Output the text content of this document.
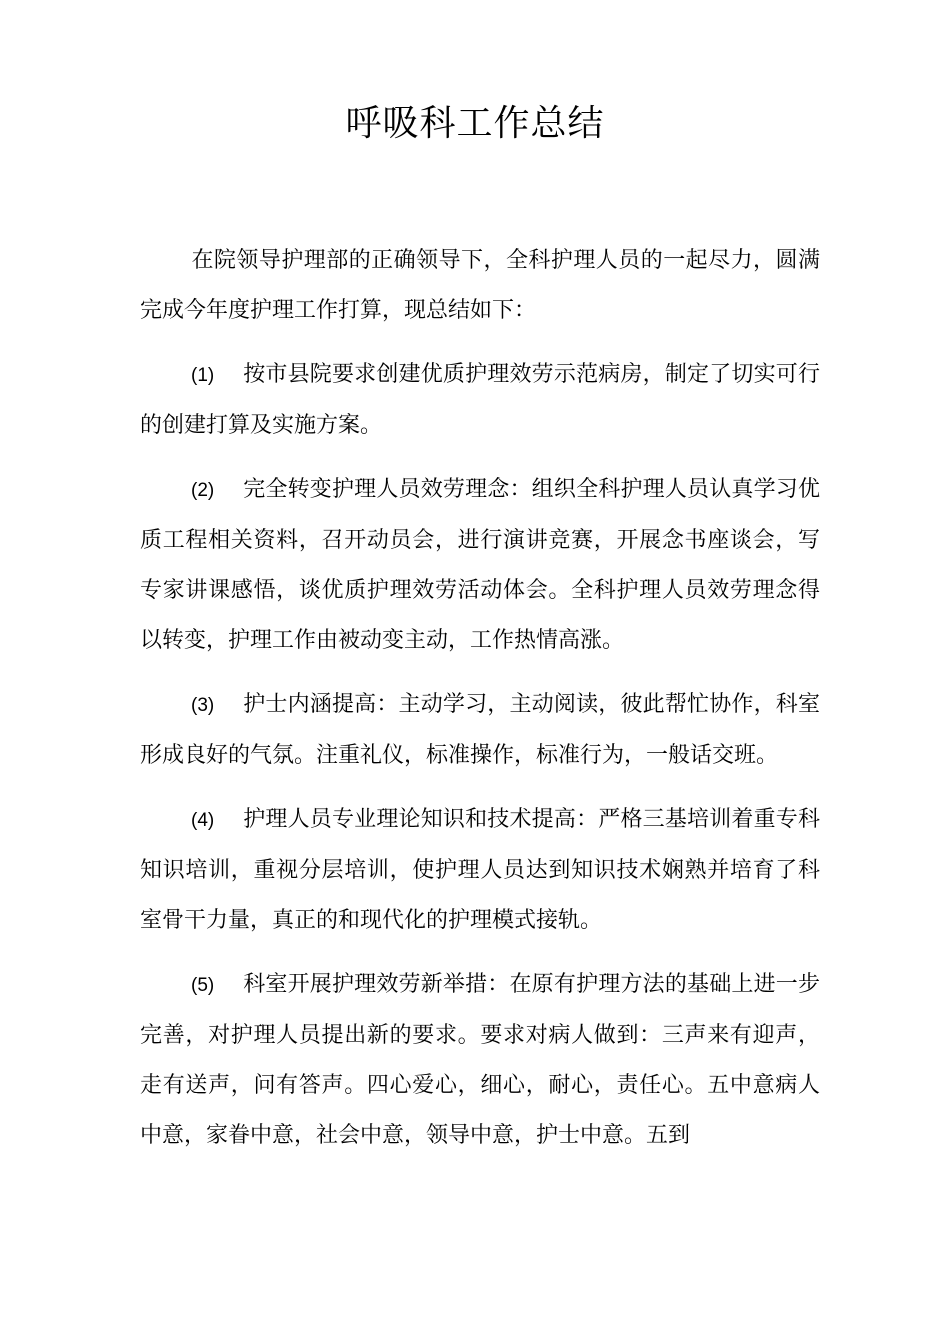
呼吸科工作总结

在院领导护理部的正确领导下，全科护理人员的一起尽力，圆满完成今年度护理工作打算，现总结如下：

(1) 按市县院要求创建优质护理效劳示范病房，制定了切实可行的创建打算及实施方案。

(2) 完全转变护理人员效劳理念：组织全科护理人员认真学习优质工程相关资料，召开动员会，进行演讲竞赛，开展念书座谈会，写专家讲课感悟，谈优质护理效劳活动体会。全科护理人员效劳理念得以转变，护理工作由被动变主动，工作热情高涨。

(3) 护士内涵提高：主动学习，主动阅读，彼此帮忙协作，科室形成良好的气氛。注重礼仪，标准操作，标准行为，一般话交班。

(4) 护理人员专业理论知识和技术提高：严格三基培训着重专科知识培训，重视分层培训，使护理人员达到知识技术娴熟并培育了科室骨干力量，真正的和现代化的护理模式接轨。

(5) 科室开展护理效劳新举措：在原有护理方法的基础上进一步完善，对护理人员提出新的要求。要求对病人做到：三声来有迎声，走有送声，问有答声。四心爱心，细心，耐心，责任心。五中意病人中意，家眷中意，社会中意，领导中意，护士中意。五到
